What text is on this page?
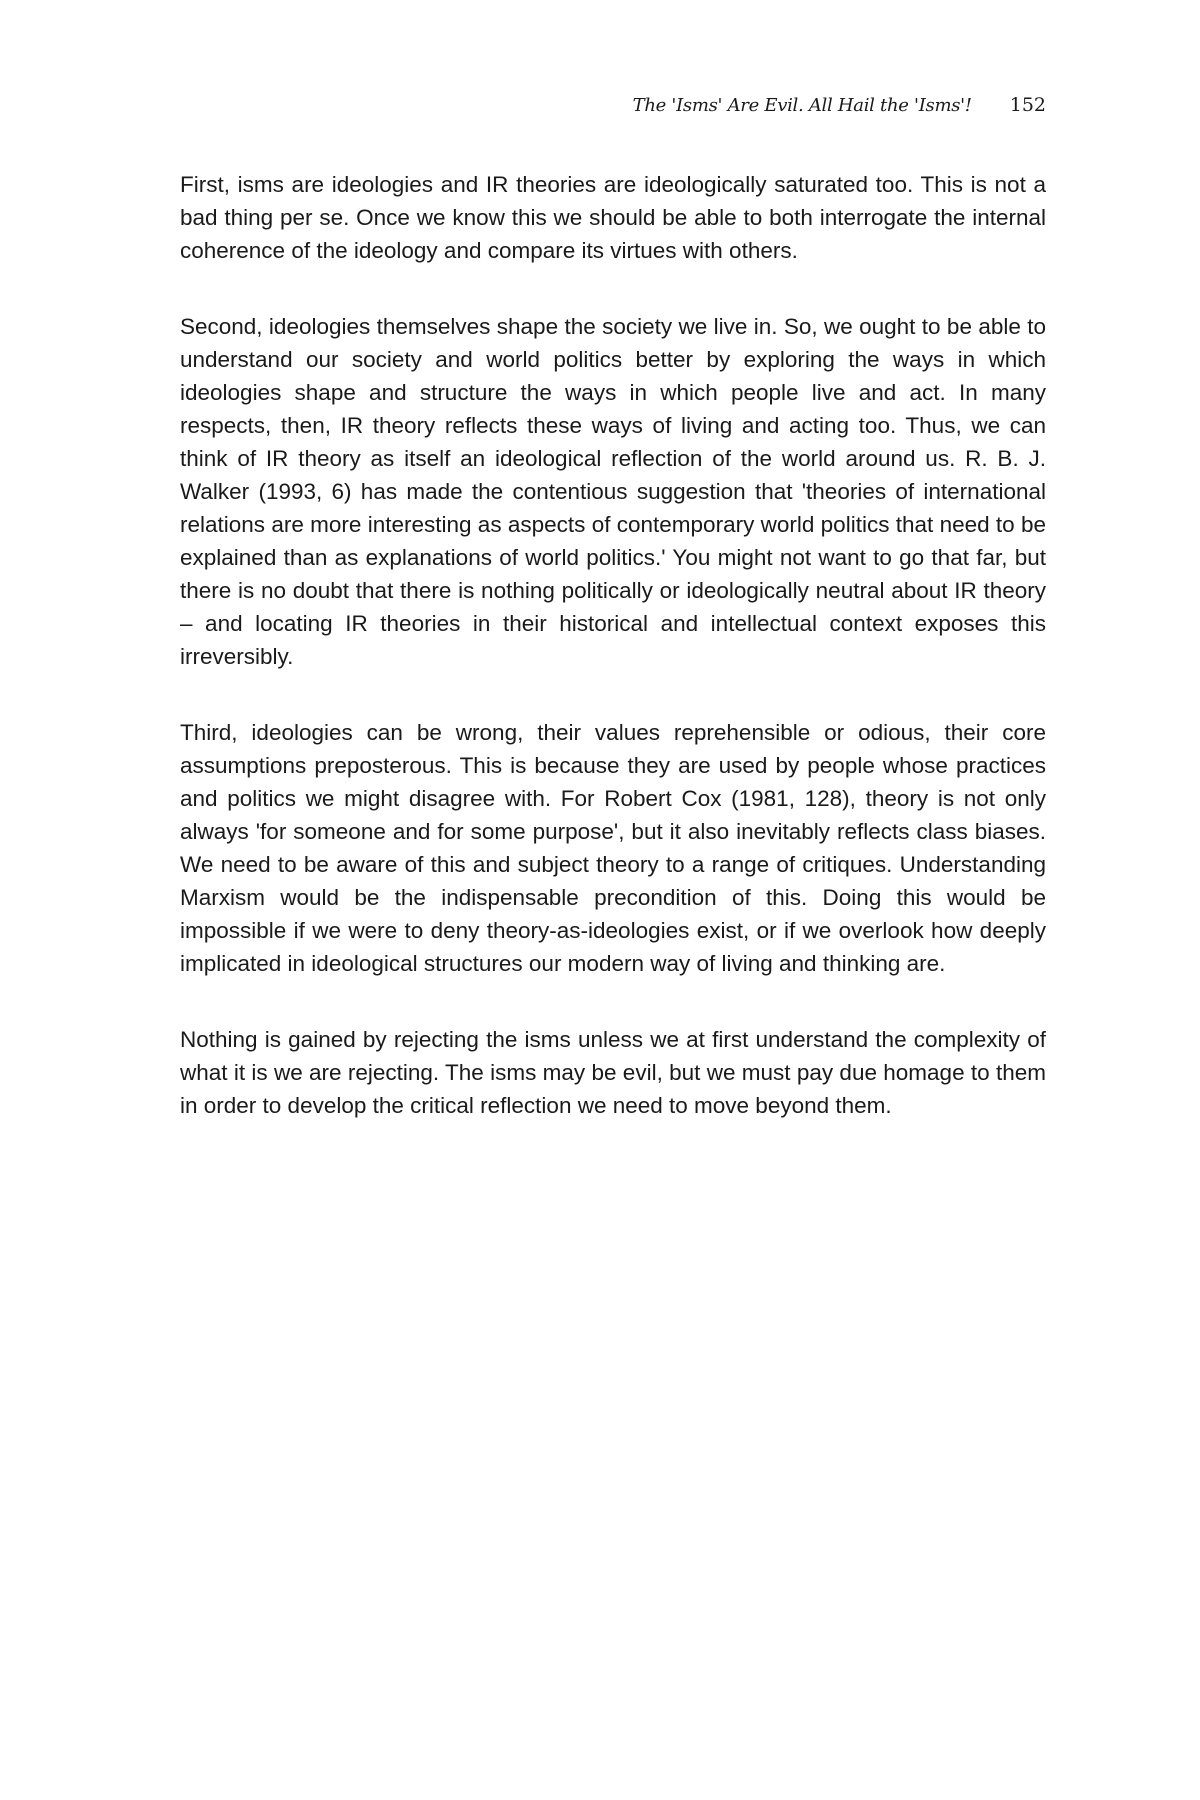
The 'Isms' Are Evil. All Hail the 'Isms'! 152

First, isms are ideologies and IR theories are ideologically saturated too. This is not a bad thing per se. Once we know this we should be able to both interrogate the internal coherence of the ideology and compare its virtues with others.

Second, ideologies themselves shape the society we live in. So, we ought to be able to understand our society and world politics better by exploring the ways in which ideologies shape and structure the ways in which people live and act. In many respects, then, IR theory reflects these ways of living and acting too. Thus, we can think of IR theory as itself an ideological reflection of the world around us. R. B. J. Walker (1993, 6) has made the contentious suggestion that 'theories of international relations are more interesting as aspects of contemporary world politics that need to be explained than as explanations of world politics.' You might not want to go that far, but there is no doubt that there is nothing politically or ideologically neutral about IR theory – and locating IR theories in their historical and intellectual context exposes this irreversibly.

Third, ideologies can be wrong, their values reprehensible or odious, their core assumptions preposterous. This is because they are used by people whose practices and politics we might disagree with. For Robert Cox (1981, 128), theory is not only always 'for someone and for some purpose', but it also inevitably reflects class biases. We need to be aware of this and subject theory to a range of critiques. Understanding Marxism would be the indispensable precondition of this. Doing this would be impossible if we were to deny theory-as-ideologies exist, or if we overlook how deeply implicated in ideological structures our modern way of living and thinking are.

Nothing is gained by rejecting the isms unless we at first understand the complexity of what it is we are rejecting. The isms may be evil, but we must pay due homage to them in order to develop the critical reflection we need to move beyond them.
